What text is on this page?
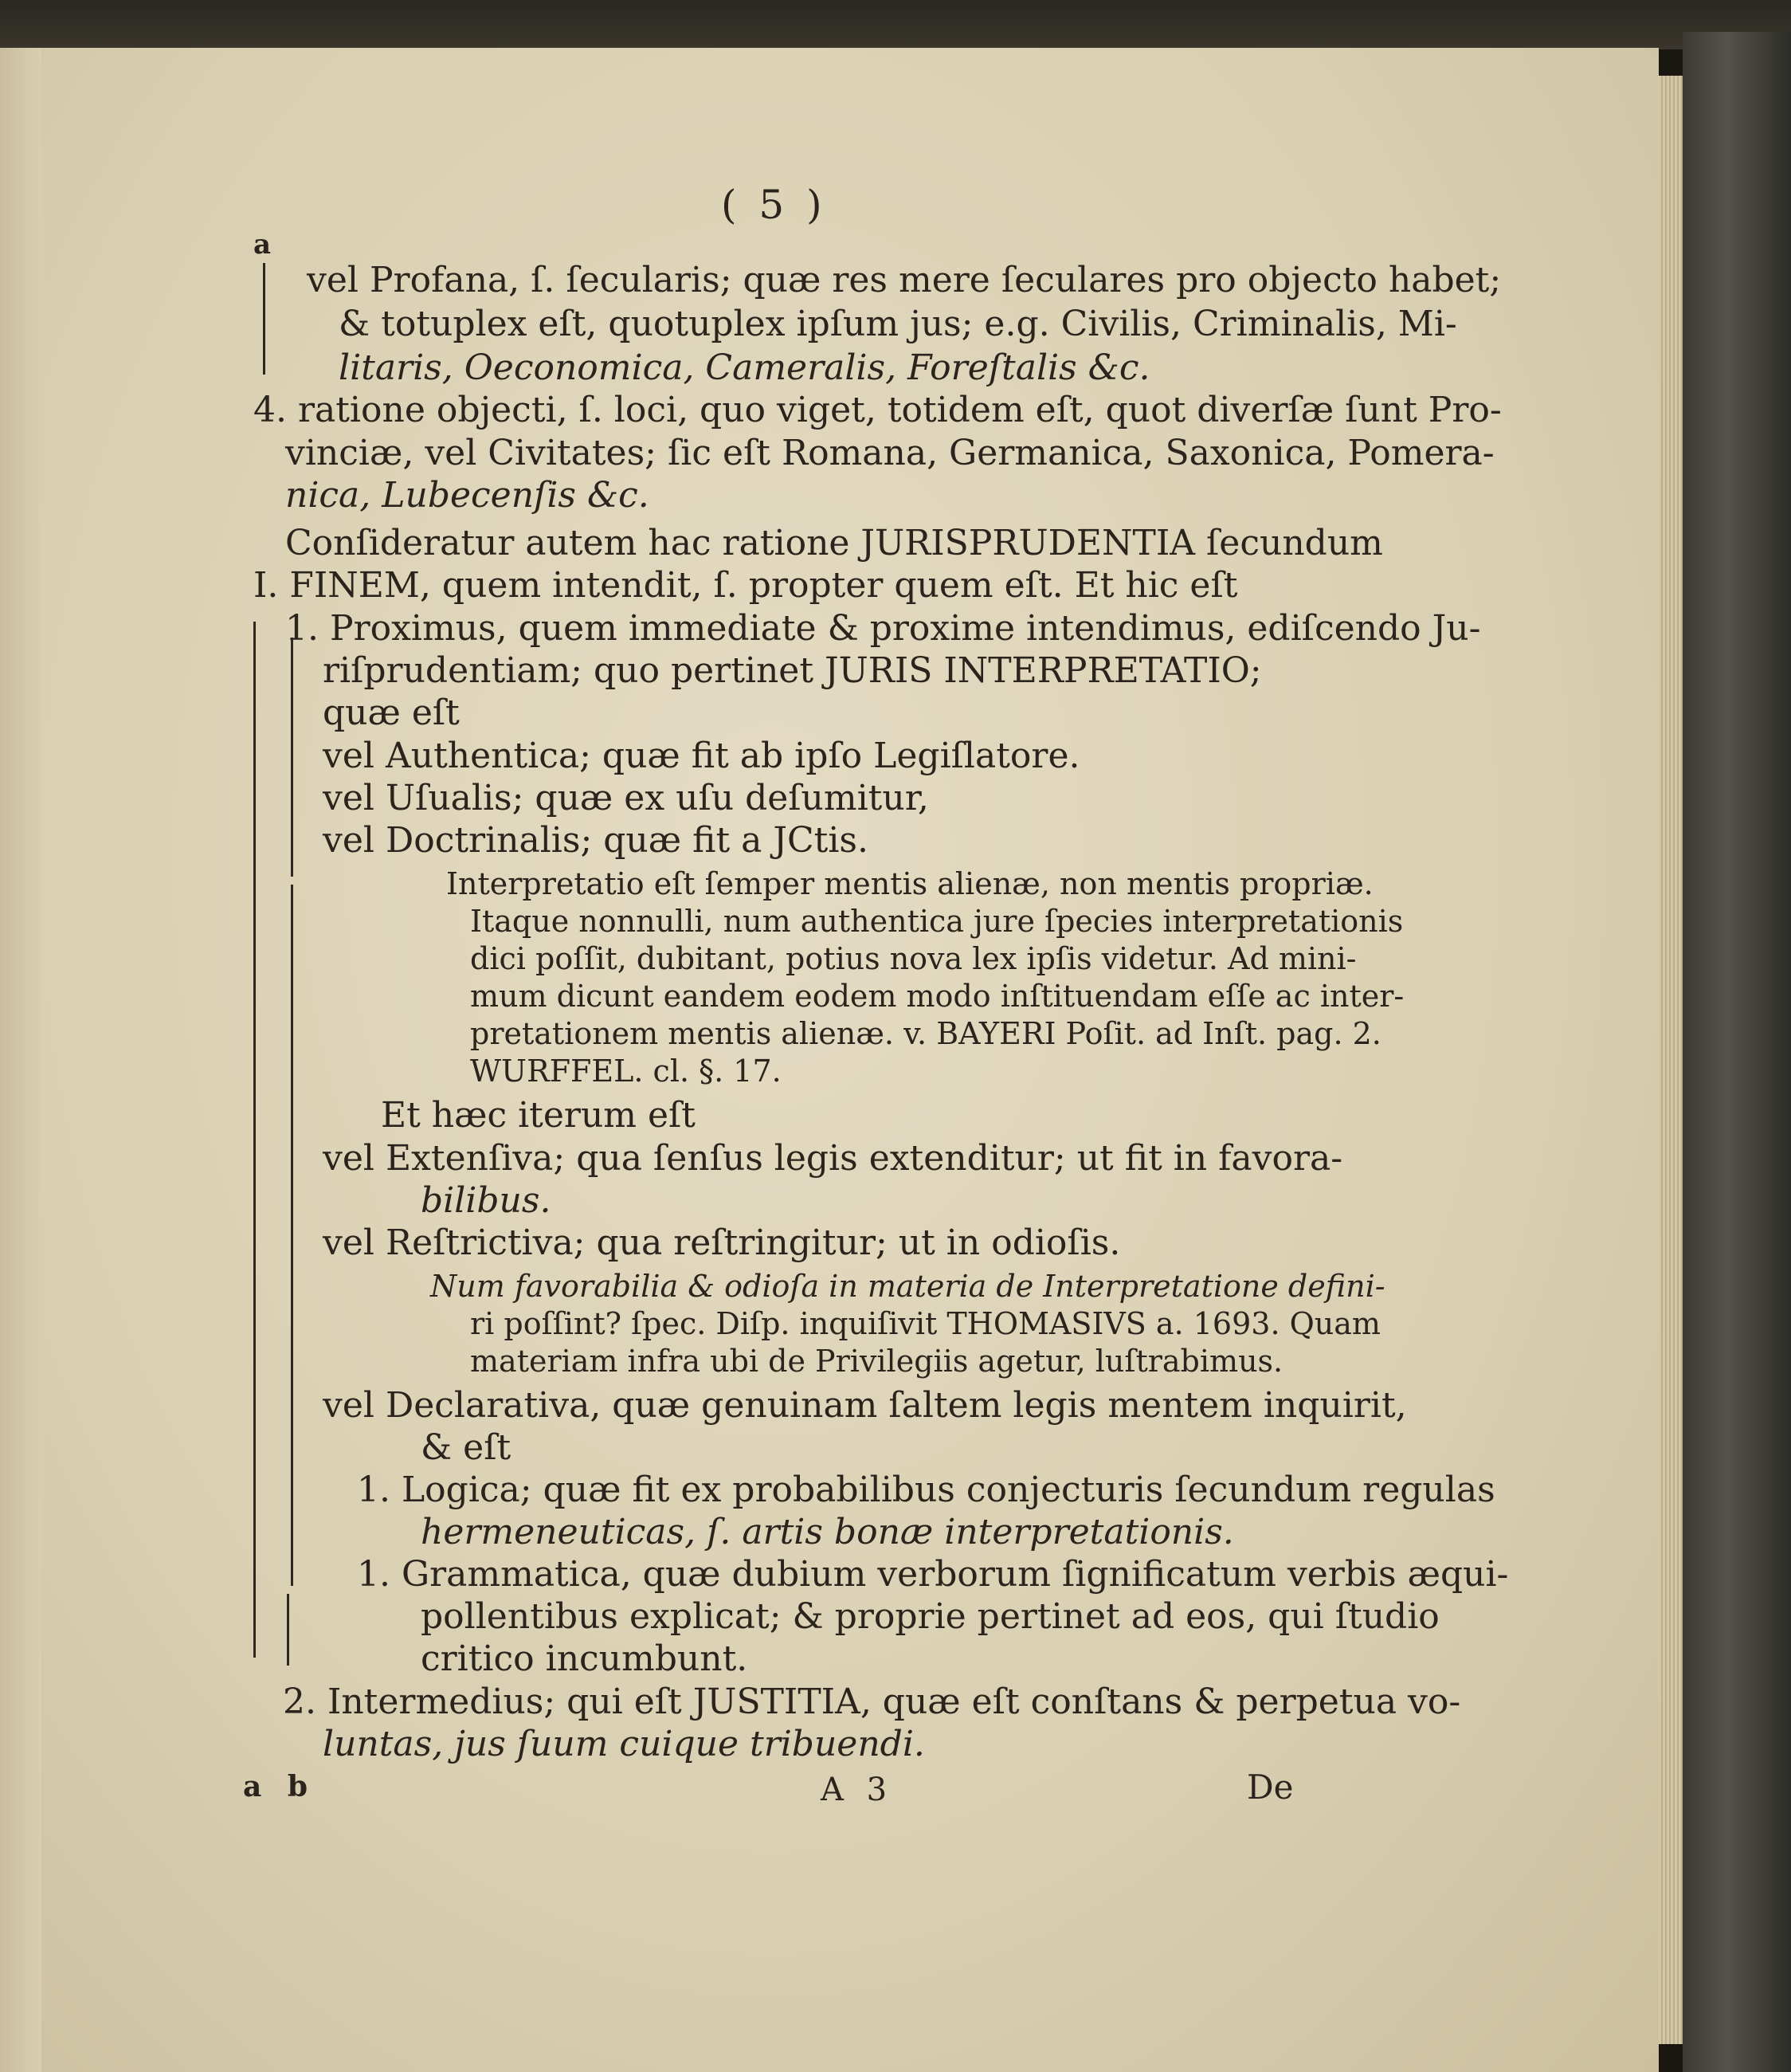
( 5 )
a
vel Profana, ſ. ſecularis; quæ res mere ſeculares pro objecto habet;
& totuplex eſt, quotuplex ipſum jus; e.g. Civilis, Criminalis, Mi-
litaris, Oeconomica, Cameralis, Foreſtalis &c.
4. ratione objecti, ſ. loci, quo viget, totidem eſt, quot diverſæ ſunt Pro-
vinciæ, vel Civitates; ſic eſt Romana, Germanica, Saxonica, Pomera-
nica, Lubecenſis &c.
Conſideratur autem hac ratione JURISPRUDENTIA ſecundum
I. FINEM, quem intendit, ſ. propter quem eſt. Et hic eſt
1. Proximus, quem immediate & proxime intendimus, ediſcendo Ju-
riſprudentiam; quo pertinet JURIS INTERPRETATIO;
quæ eſt
vel Authentica; quæ fit ab ipſo Legiſlatore.
vel Uſualis; quæ ex uſu deſumitur,
vel Doctrinalis; quæ fit a JCtis.
Interpretatio eſt ſemper mentis alienæ, non mentis propriæ.
Itaque nonnulli, num authentica jure ſpecies interpretationis
dici poſſit, dubitant, potius nova lex ipſis videtur. Ad mini-
mum dicunt eandem eodem modo inſtituendam eſſe ac inter-
pretationem mentis alienæ. v. BAYERI Poſit. ad Inſt. pag. 2.
WURFFEL. cl. §. 17.
Et hæc iterum eſt
vel Extenſiva; qua ſenſus legis extenditur; ut fit in favora-
bilibus.
vel Reſtrictiva; qua reſtringitur; ut in odioſis.
Num favorabilia & odioſa in materia de Interpretatione defini-
ri poſſint? ſpec. Diſp. inquiſivit THOMASIVS a. 1693. Quam
materiam infra ubi de Privilegiis agetur, luſtrabimus.
vel Declarativa, quæ genuinam ſaltem legis mentem inquirit,
& eſt
1. Logica; quæ fit ex probabilibus conjecturis ſecundum regulas
hermeneuticas, ſ. artis bonæ interpretationis.
1. Grammatica, quæ dubium verborum ſignificatum verbis æqui-
pollentibus explicat; & proprie pertinet ad eos, qui ſtudio
critico incumbunt.
2. Intermedius; qui eſt JUSTITIA, quæ eſt conſtans & perpetua vo-
luntas, jus ſuum cuique tribuendi.
a b	A 3	De
